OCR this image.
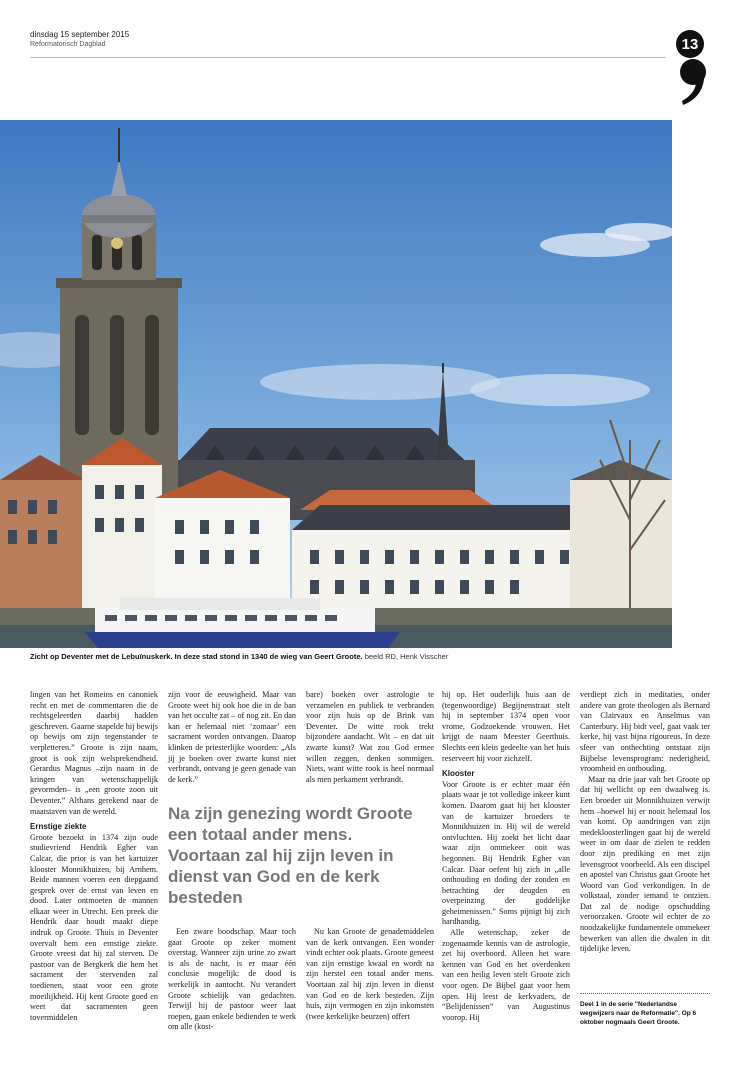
dinsdag 15 september 2015
Reformatorisch Dagblad	13
Zicht op Deventer met de Lebuïnuskerk. In deze stad stond in 1340 de wieg van Geert Groote. beeld RD, Henk Visscher

lingen van het Romeins en canoniek recht en met de commentaren die de rechtsgeleerden daarbij hadden geschreven. Gaarne stapelde hij bewijs op bewijs om zijn tegenstander te verpletteren.” Groote is zijn naam, groot is ook zijn welsprekendheid. Gerardus Magnus –zijn naam in de kringen van wetenschappelijk gevormden– is „een groote zoon uit Deventer.” Althans gerekend naar de maatstaven van de wereld.

Ernstige ziekte

Groote bezoekt in 1374 zijn oude studievriend Hendrik Egher van Calcar, die prior is van het kartuizer klooster Monnikhuizen, bij Arnhem. Beide mannen voeren een diepgaand gesprek over de ernst van leven en dood. Later ontmoeten de mannen elkaar weer in Utrecht. Een preek die Hendrik daar houdt maakt diepe indruk op Groote. Thuis in Deventer overvalt hem een ernstige ziekte. Groote vreest dat hij zal sterven. De pastoor van de Bergkerk die hem het sacrament der stervenden zal toedienen, staat voor een grote moeilijkheid. Hij kent Groote goed en weet dat sacramenten geen tovermiddelen

zijn voor de eeuwigheid. Maar van Groote weet hij ook hoe die in de ban van het occulte zat – of nog zit. En dan kan er helemaal niet ‘zomaar’ een sacrament worden ontvangen. Daarop klinken de priesterlijke woorden: „Als jij je boeken over zwarte kunst niet verbrandt, ontvang je geen genade van de kerk.”

bare) boeken over astrologie te verzamelen en publiek te verbranden voor zijn huis op de Brink van Deventer. De witte rook trekt bijzondere aandacht. Wit – en dat uit zwarte kunst? Wat zou God ermee willen zeggen, denken sommigen. Niets, want witte rook is heel normaal als men perkament verbrandt.

Na zijn genezing wordt Groote een totaal ander mens. Voortaan zal hij zijn leven in dienst van God en de kerk besteden

Een zware boodschap. Maar toch gaat Groote op zeker moment overstag. Wanneer zijn urine zo zwart is als de nacht, is er maar één conclusie mogelijk: de dood is werkelijk in aantocht. Nu verandert Groote schielijk van gedachten. Terwijl hij de pastoor weer laat roepen, gaan enkele bedienden te werk om alle (kost-

Nu kan Groote de genademiddelen van de kerk ontvangen. Een wonder vindt echter ook plaats. Groote geneest van zijn ernstige kwaal en wordt na zijn herstel een totaal ander mens. Voortaan zal hij zijn leven in dienst van God en de kerk besteden. Zijn huis, zijn vermogen en zijn inkomsten (twee kerkelijke beurzen) offert

hij op. Het ouderlijk huis aan de (tegenwoordige) Begijnenstraat stelt hij in september 1374 open voor vrome, Godzoekende vrouwen. Het krijgt de naam Meester Geerthuis. Slechts een klein gedeelte van het huis reserveert hij voor zichzelf.

Klooster

Voor Groote is er echter maar één plaats waar je tot volledige inkeer kunt komen. Daarom gaat hij het klooster van de kartuizer broeders te Monnikhuizen in. Hij wil de wereld ontvluchten. Hij zoekt het licht daar waar zijn ommekeer ooit was begonnen. Bij Hendrik Egher van Calcar. Daar oefent hij zich in „alle onthouding en doding der zonden en betrachting der deugden en overpeinzing der goddelijke geheimenissen.” Soms pijnigt hij zich hardhandig.

Alle wetenschap, zeker de zogenaamde kennis van de astrologie, zet hij overboord. Alleen het ware kennen van God en het overdenken van een heilig leven stelt Groote zich voor ogen. De Bijbel gaat voor hem open. Hij leest de kerkvaders, de “Belijdenissen” van Augustinus voorop. Hij

verdiept zich in meditaties, onder andere van grote theologen als Bernard van Clairvaux en Anselmus van Canterbury. Hij bidt veel, gaat vaak ter kerke, hij vast bijna rigoureus. In deze sfeer van onthechting ontstaat zijn Bijbelse levensprogram: nederigheid, vroomheid en onthouding.

Maar na drie jaar valt het Groote op dat hij wellicht op een dwaalweg is. Een broeder uit Monnikhuizen verwijt hem –hoewel hij er nooit helemaal los van komt. Op aandringen van zijn medekloosterlingen gaat hij de wereld weer in om daar de zielen te redden door zijn prediking en met zijn levensgroot voorbeeld. Als een discipel en apostel van Christus gaat Groote het Woord van God verkondigen. In de volkstaal, zonder iemand te ontzien. Dat zal de nodige opschudding veroorzaken. Groote wil echter de zo noodzakelijke fundamentele ommekeer bewerken van allen die dwalen in dit tijdelijke leven.

Deel 1 in de serie "Nederlandse wegwijzers naar de Reformatie". Op 6 oktober nogmaals Geert Groote.
